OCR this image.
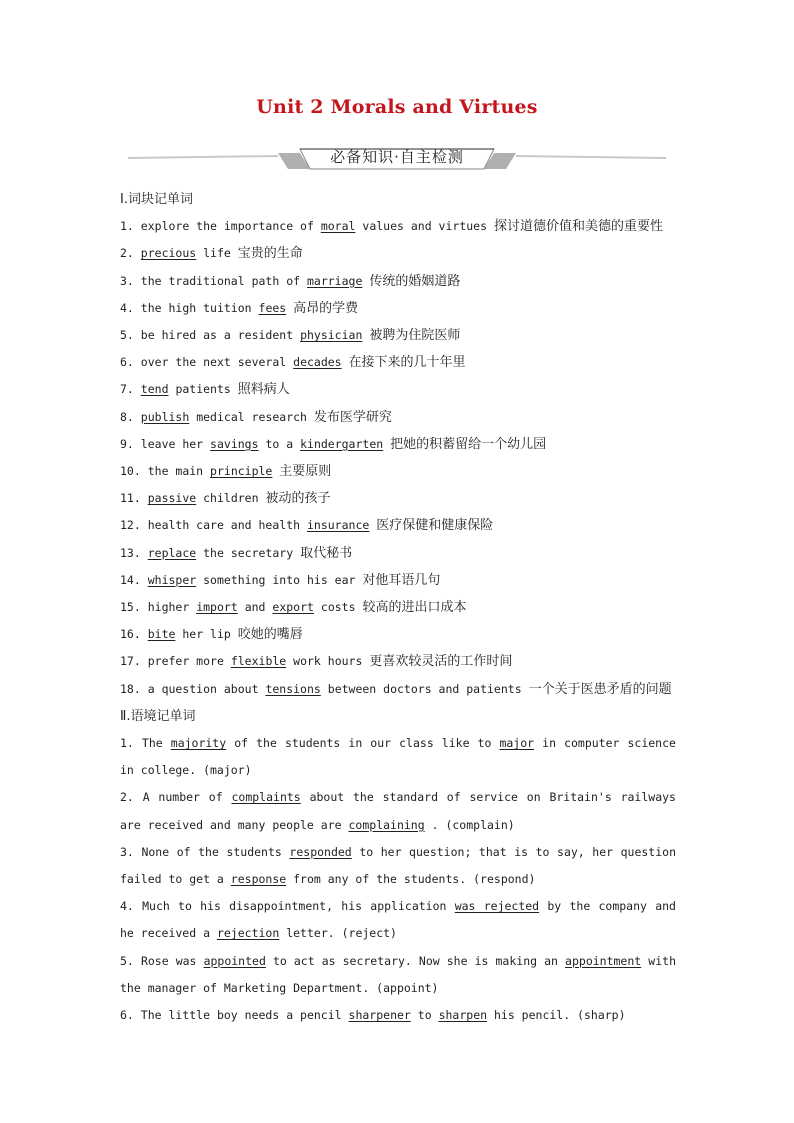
Unit 2 Morals and Virtues
必备知识·自主检测
Ⅰ.词块记单词
1. explore the importance of moral values and virtues 探讨道德价值和美德的重要性
2. precious life 宝贵的生命
3. the traditional path of marriage 传统的婚姻道路
4. the high tuition fees 高昂的学费
5. be hired as a resident physician 被聘为住院医师
6. over the next several decades 在接下来的几十年里
7. tend patients 照料病人
8. publish medical research 发布医学研究
9. leave her savings to a kindergarten 把她的积蓄留给一个幼儿园
10. the main principle 主要原则
11. passive children 被动的孩子
12. health care and health insurance 医疗保健和健康保险
13. replace the secretary 取代秘书
14. whisper something into his ear 对他耳语几句
15. higher import and export costs 较高的进出口成本
16. bite her lip 咬她的嘴唇
17. prefer more flexible work hours 更喜欢较灵活的工作时间
18. a question about tensions between doctors and patients 一个关于医患矛盾的问题
Ⅱ.语境记单词
1. The majority of the students in our class like to major in computer science in college. (major)
2. A number of complaints about the standard of service on Britain's railways are received and many people are complaining . (complain)
3. None of the students responded to her question; that is to say, her question failed to get a response from any of the students. (respond)
4. Much to his disappointment, his application was rejected by the company and he received a rejection letter. (reject)
5. Rose was appointed to act as secretary. Now she is making an appointment with the manager of Marketing Department. (appoint)
6. The little boy needs a pencil sharpener to sharpen his pencil. (sharp)
